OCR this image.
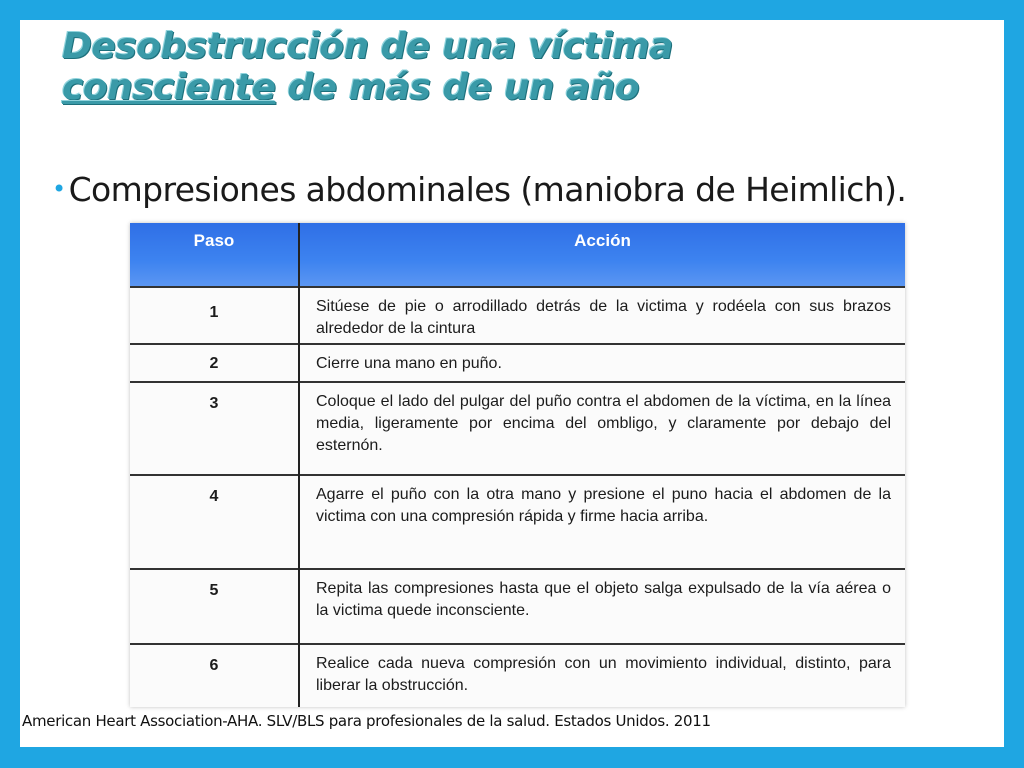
Desobstrucción de una víctima
consciente de más de un año
•Compresiones abdominales (maniobra de Heimlich).
Paso	Acción
1	Sitúese de pie o arrodillado detrás de la victima y rodéela con sus brazos alrededor de la cintura
2	Cierre una mano en puño.
3	Coloque el lado del pulgar del puño contra el abdomen de la víctima, en la línea media, ligeramente por encima del ombligo, y claramente por debajo del esternón.
4	Agarre el puño con la otra mano y presione el puno hacia el abdomen de la victima con una compresión rápida y firme hacia arriba.
5	Repita las compresiones hasta que el objeto salga expulsado de la vía aérea o la victima quede inconsciente.
6	Realice cada nueva compresión con un movimiento individual, distinto, para liberar la obstrucción.
American Heart Association-AHA. SLV/BLS para profesionales de la salud. Estados Unidos. 2011
